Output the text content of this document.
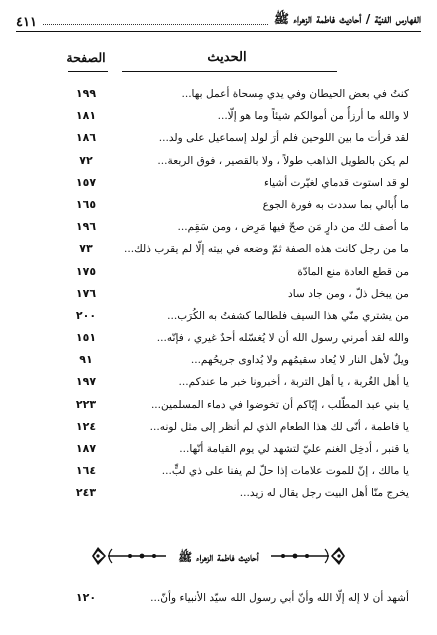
الفهارس الفنيّة / أحاديث فاطمة الزهراء ﷺ
٤١١
الحديث
الصفحة
كنتُ في بعض الحيطان وفي يدي مِسحاة أعمل بها...
١٩٩
لا والله ما أرزأُ من أموالكم شيئاً وما هو إلّا...
١٨١
لقد قرأت ما بين اللوحين فلم أرَ لولد إسماعيل على ولد...
١٨٦
لم يكن بالطويل الذاهب طولاً ، ولا بالقصير ، فوق الربعة...
٧٢
لو قد استوت قدماي لغيّرت أشياء
١٥٧
ما أُبالي بما سددت به فورة الجوع
١٦٥
ما أصف لك من دارٍ مَن صحّ فيها مَرِض ، ومن سَقِم...
١٩٦
ما من رجل كانت هذه الصفة ثمّ وضعه في بيته إلّا لم يقرب ذلك...
٧٣
من قطع العادة منع المادّة
١٧٥
من يبخل ذلّ ، ومن جاد ساد
١٧٦
من يشتري منّي هذا السيف فلطالما كشفتُ به الكُرَب...
٢٠٠
والله لقد أمرني رسول الله أن لا يُغسّله أحدٌ غيري ، فإنّه...
١٥١
ويلٌ لأهل النار لا يُعاد سقيمُهم ولا يُداوى جريحُهم...
٩١
يا أهل الغُربة ، يا أهل التربة ، أخبرونا خبر ما عندكم...
١٩٧
يا بني عبد المطّلب ، إيّاكم أن تخوضوا في دماء المسلمين...
٢٢٣
يا فاطمة ، أنّى لك هذا الطعام الذي لم أنظر إلى مثل لونه...
١٢٤
يا قنبر ، أدخِل الغنم عليّ لتشهد لي يوم القيامة أنّها...
١٨٧
يا مالك ، إنّ للموت علامات إذا حلّ لم يفنا على ذي لبٍّ...
١٦٤
يخرج منّا أهل البيت رجل يقال له زيد...
٢٤٣
أحاديث فاطمة الزهراء ﷺ
أشهد أن لا إله إلّا الله وأنّ أبي رسول الله سيّد الأنبياء وأنّ...
١٢٠
